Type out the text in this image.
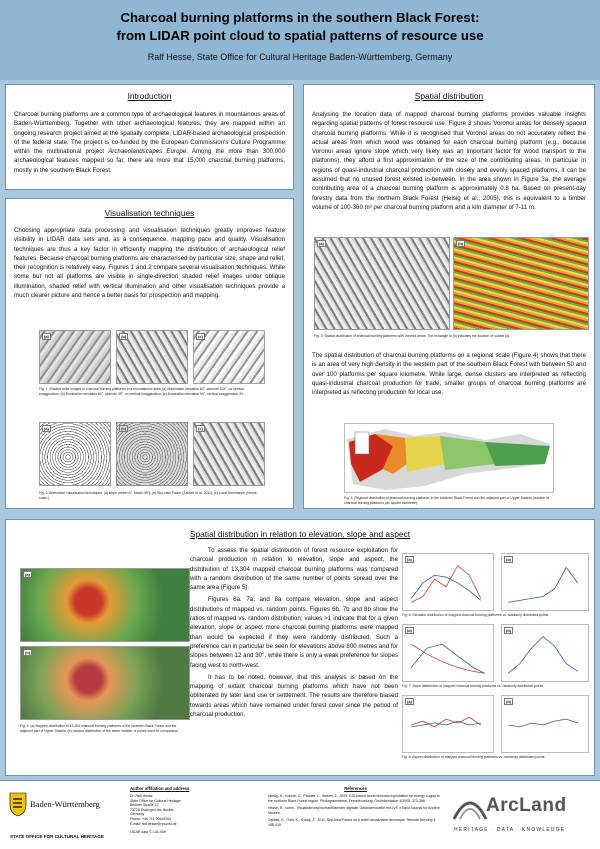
Charcoal burning platforms in the southern Black Forest:
from LIDAR point cloud to spatial patterns of resource use
Ralf Hesse, State Office for Cultural Heritage Baden-Württemberg, Germany
Introduction
Charcoal burning platforms are a common type of archaeological features in mountainous areas of Baden-Württemberg. Together with other archaeological features, they are mapped within an ongoing research project aimed at the spatially complete, LIDAR-based archaeological prospection of the federal state. The project is co-funded by the European Commission's Culture Programme within the multinational project Archaeolandscapes Europe. Among the more than 300,000 archaeological features mapped so far, there are more that 15,000 charcoal burning platforms, mostly in the southern Black Forest.
Visualisation techniques
Choosing appropriate data processing and visualisation techniques greatly improves feature visibility in LIDAR data sets and, as a consequence, mapping pace and quality. Visualisation techniques are thus a key factor in efficiently mapping the distribution of archaeological relief features. Because charcoal burning platforms are characterised by particular size, shape and relief, their recognition is relatively easy. Figures 1 and 2 compare several visualisation techniques. While some but not all platforms are visible in single-direction shaded relief images under oblique illumination, shaded relief with vertical illumination and other visualisation techniques provide a much clearer picture and hence a better basis for prospection and mapping.
(a)	(b)	(c)
Fig. 1: Shaded relief images of charcoal burning platforms in a mountainous area. (a) illumination elevation 60°, azimuth 315°, no vertical exaggeration; (b) illumination elevation 60°, azimuth 45°, no vertical exaggeration; (c) illumination elevation 90°, vertical exaggeration 3X.
(a)	(b)	(c)
Fig. 2: Alternative visualisation techniques. (a) slope (white=0°, black=45°); (b) Sky-view Factor (Zakšek et al. 2011); (c) Local Dominance (Hesse, subm.).
Spatial distribution
Analysing the location data of mapped charcoal burning platforms provides valuable insights regarding spatial patterns of forest resource use. Figure 3 shows Voronoi areas for densely spaced charcoal burning platforms. While it is recognised that Voronoi areas do not accurately reflect the actual areas from which wood was obtained for each charcoal burning platform (e.g., because Voronoi areas ignore slope which very likely was an important factor for wood transport to the platforms), they afford a first approximation of the size of the contributing areas. In particular in regions of quasi-industrial charcoal production with closely and evenly spaced platforms, it can be assumed that no unused forest existed in-between. In the area shown in Figure 3a, the average contributing area of a charcoal burning platform is approximately 0.8 ha. Based on present-day forestry data from the northern Black Forest (Heisig et al., 2005), this is equivalent to a timber volume of 100-360 m³ per charcoal burning platform and a kiln diameter of 7-11 m.
(a)	(b)
Fig. 3: Spatial distribution of charcoal burning platforms with Voronoi areas. The rectangle in (b) indicates the location of subset (a).
The spatial distribution of charcoal burning platforms on a regional scale (Figure 4) shows that there is an area of very high density in the western part of the southern Black Forest with between 50 and over 100 platforms per square kilometre. While large, dense clusters are interpreted as reflecting quasi-industrial charcoal production for trade, smaller groups of charcoal burning platforms are interpreted as reflecting production for local use.
Fig. 4: Regional distribution of charcoal burning platforms in the southern Black Forest and the adjacent part of Upper Swabia (number of charcoal burning platforms per square kilometre).
Spatial distribution in relation to elevation, slope and aspect
(a)
(b)
Fig. 5: (a) Mapped distribution of 13,304 charcoal burning platforms in the southern Black Forest and the adjacent part of Upper Swabia; (b) random distribution of the same number of points used for comparison.
To assess the spatial distribution of forest resource exploitation for charcoal production in relation to elevation, slope and aspect, the distribution of 13,304 mapped charcoal burning platforms was compared with a random distribution of the same number of points spread over the same area (Figure 5).
Figures 6a, 7a, and 8a compare elevation, slope and aspect distributions of mapped vs. random points. Figures 6b, 7b and 8b show the ratios of mapped vs. random distribution; values >1 indicate that for a given elevation, slope or aspect more charcoal burning platforms were mapped than would be expected if they were randomly distributed. Such a preference can in particular be seen for elevations above 800 metres and for slopes between 12 and 30°, while there is only a weak preference for slopes facing west to north-west.
It has to be noted, however, that this analysis is based on the mapping of extant charcoal burning platforms which have not been obliterated by later land use or settlement. The results are therefore biased towards areas which have remained under forest cover since the period of charcoal production.
(a)	(b)
Fig. 6: Elevation distribution of mapped charcoal burning platforms vs. randomly distributed points.
(a)	(b)
Fig. 7: Slope distribution of mapped charcoal burning platforms vs. randomly distributed points.
(a)	(b)
Fig. 8: Aspect distribution of mapped charcoal burning platforms vs. randomly distributed points.
Baden-Württemberg
STATE OFFICE FOR CULTURAL HERITAGE
Author affiliation and address
Dr. Ralf Hesse
State Office for Cultural Heritage
Berliner Straße 12
73728 Esslingen am Neckar
Germany
Phone: +49 711 90445304
E-mail: ralf.hesse@rps.bwl.de
LIDAR data © LGL-BW
References
Heisig, H., Kohnle, C., Pandes, L., Wetzel, J., 2005. GIS-based forest biomass exploitation for energy supply in the northern Black Forest region. Photogrammetrie, Fernerkundung, Geoinformation 4/2005, 373-386.
Hesse, R., subm.. Visualisierung hochauflösender digitaler Geländemodelle mit LVF. eTopoi Journal for Ancient Studies.
Zakšek, K., Oštir, K., Kokalj, Ž., 2011. Sky-View Factor as a relief visualization technique. Remote Sensing 3: 398-415.
ArcLand
HERITAGE · DATA · KNOWLEDGE
